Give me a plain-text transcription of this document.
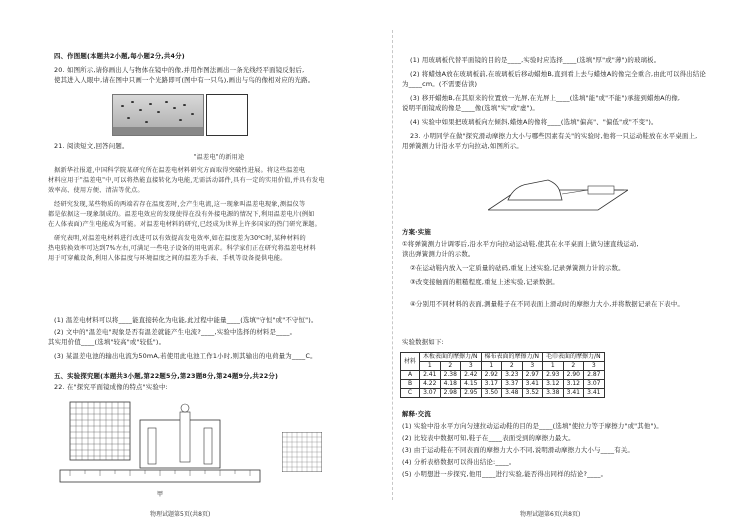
四、作图题(本题共2小题,每小题2分,共4分)
20. 如图所示,请你画出人与物体在镜中的像,并用作图法画出一条光线经平面镜反射后,
使其进入人眼中,请在图中只画一个光路即可(图中有一只鸟),画出与鸟的像相对应的光路。
21. 阅读短文,回答问题。
"温差电"的新用途
据新华社报道,中国科学院某研究所在温差电材料研究方面取得突破性进展。将这些温差电
材料应用于"温差电"中,可以将热能直接转化为电能,无需活动部件,具有一定的实用价值,并具有发电
效率高、使用方便、清洁等优点。
经研究发现,某些物质的两端若存在温度差时,会产生电流,这一现象叫温差电现象,测温仪等
都是依据这一现象制成的。温差电效应的发现使得在没有外接电源的情况下,利用温差电片(例如
在人体表面)产生电能成为可能。对温差电材料的研究,已经成为世界上许多国家的热门研究课题。
研究表明,对温差电材料进行改进可以有效提高发电效率,如在温度差为30℃时,某种材料的
热电转换效率可达到7%左右,可满足一些电子设备的用电需求。科学家们正在研究将温差电材料
用于可穿戴设备,利用人体温度与环境温度之间的温差为手表、手机等设备提供电能。
(1) 温差电材料可以将____能直接转化为电能,此过程中能量____(选填"守恒"或"不守恒")。
(2) 文中的"温差电"现象是否有温差就能产生电流?____,实验中选择的材料是____。
其实用价值____(选填"较高"或"较低")。
(3) 某温差电池的输出电流为50mA,若使用此电池工作1小时,则其输出的电荷量为____C。
五、实验探究题(本题共3小题,第22题5分,第23题8分,第24题9分,共22分)
22. 在"探究平面镜成像的特点"实验中:
甲
物理试题第5页(共8页)
(1) 用玻璃板代替平面镜的目的是____,实验时应选择____(选填"厚"或"薄")的玻璃板。
(2) 将蜡烛A放在玻璃板前,在玻璃板后移动蜡烛B,直到看上去与蜡烛A的像完全重合,由此可以得出结论
为____cm。(不需要估读)
(3) 移开蜡烛B,在其原来的位置放一光屏,在光屏上____(选填"能"或"不能")承接到蜡烛A的像,
说明平面镜成的像是____像(选填"实"或"虚")。
(4) 实验中如果把玻璃板向左倾斜,蜡烛A的像将____(选填"偏高"、"偏低"或"不变")。
23. 小明同学在做"探究滑动摩擦力大小与哪些因素有关"的实验时,他将一只运动鞋放在水平桌面上,
用弹簧测力计沿水平方向拉动,如图所示。
方案·实施
①将弹簧测力计调零后,沿水平方向拉动运动鞋,使其在水平桌面上做匀速直线运动,
读出弹簧测力计的示数。
②在运动鞋内放入一定质量的砝码,重复上述实验,记录弹簧测力计的示数。
③改变接触面的粗糙程度,重复上述实验,记录数据。
④分别用不同材料的表面,测量鞋子在不同表面上滑动时的摩擦力大小,并将数据记录在下表中。
实验数据如下:
解释·交流
(1) 实验中沿水平方向匀速拉动运动鞋的目的是____(选填"使拉力等于摩擦力"或"其他")。
(2) 比较表中数据可知,鞋子在____表面受到的摩擦力最大。
(3) 由于运动鞋在不同表面的摩擦力大小不同,说明滑动摩擦力大小与____有关。
(4) 分析表格数据可以得出结论:____。
(5) 小明想进一步探究,他用____进行实验,能否得出同样的结论?____。
材料	木板表面的摩擦力/N			棉布表面的摩擦力/N			毛巾表面的摩擦力/N		
	1	2	3	1	2	3	1	2	3
A	2.41	2.38	2.42	2.92	3.23	2.97	2.93	2.90	2.87
B	4.22	4.18	4.15	3.17	3.37	3.41	3.12	3.12	3.07
C	3.07	2.98	2.95	3.50	3.48	3.52	3.38	3.41	3.41
物理试题第6页(共8页)
